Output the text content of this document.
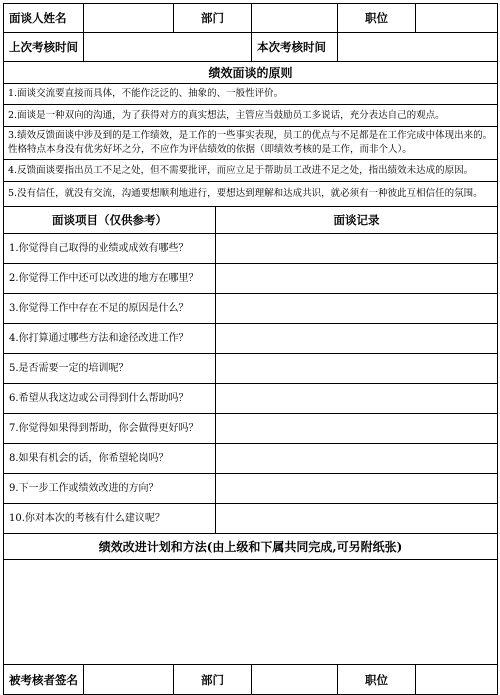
面谈人姓名		部门			职位	
上次考核时间				本次考核时间		
绩效面谈的原则						
1.面谈交流要直接而具体，不能作泛泛的、抽象的、一般性评价。						
2.面谈是一种双向的沟通，为了获得对方的真实想法，主管应当鼓励员工多说话，充分表达自己的观点。						
3.绩效反馈面谈中涉及到的是工作绩效，是工作的一些事实表现，员工的优点与不足都是在工作完成中体现出来的。性格特点本身没有优劣好坏之分，不应作为评估绩效的依据（即绩效考核的是工作，而非个人）。						
4.反馈面谈要指出员工不足之处，但不需要批评，而应立足于帮助员工改进不足之处，指出绩效未达成的原因。						
5.没有信任，就没有交流，沟通要想顺利地进行，要想达到理解和达成共识，就必须有一种彼此互相信任的氛围。						
面谈项目（仅供参考）			面谈记录			
1.你觉得自己取得的业绩或成效有哪些？						
2.你觉得工作中还可以改进的地方在哪里？						
3.你觉得工作中存在不足的原因是什么？						
4.你打算通过哪些方法和途径改进工作？						
5.是否需要一定的培训呢？						
6.希望从我这边或公司得到什么帮助吗？						
7.你觉得如果得到帮助，你会做得更好吗？						
8.如果有机会的话，你希望轮岗吗？						
9.下一步工作或绩效改进的方向？						
10.你对本次的考核有什么建议呢？						
绩效改进计划和方法(由上级和下属共同完成,可另附纸张)						

被考核者签名		部门			职位	
